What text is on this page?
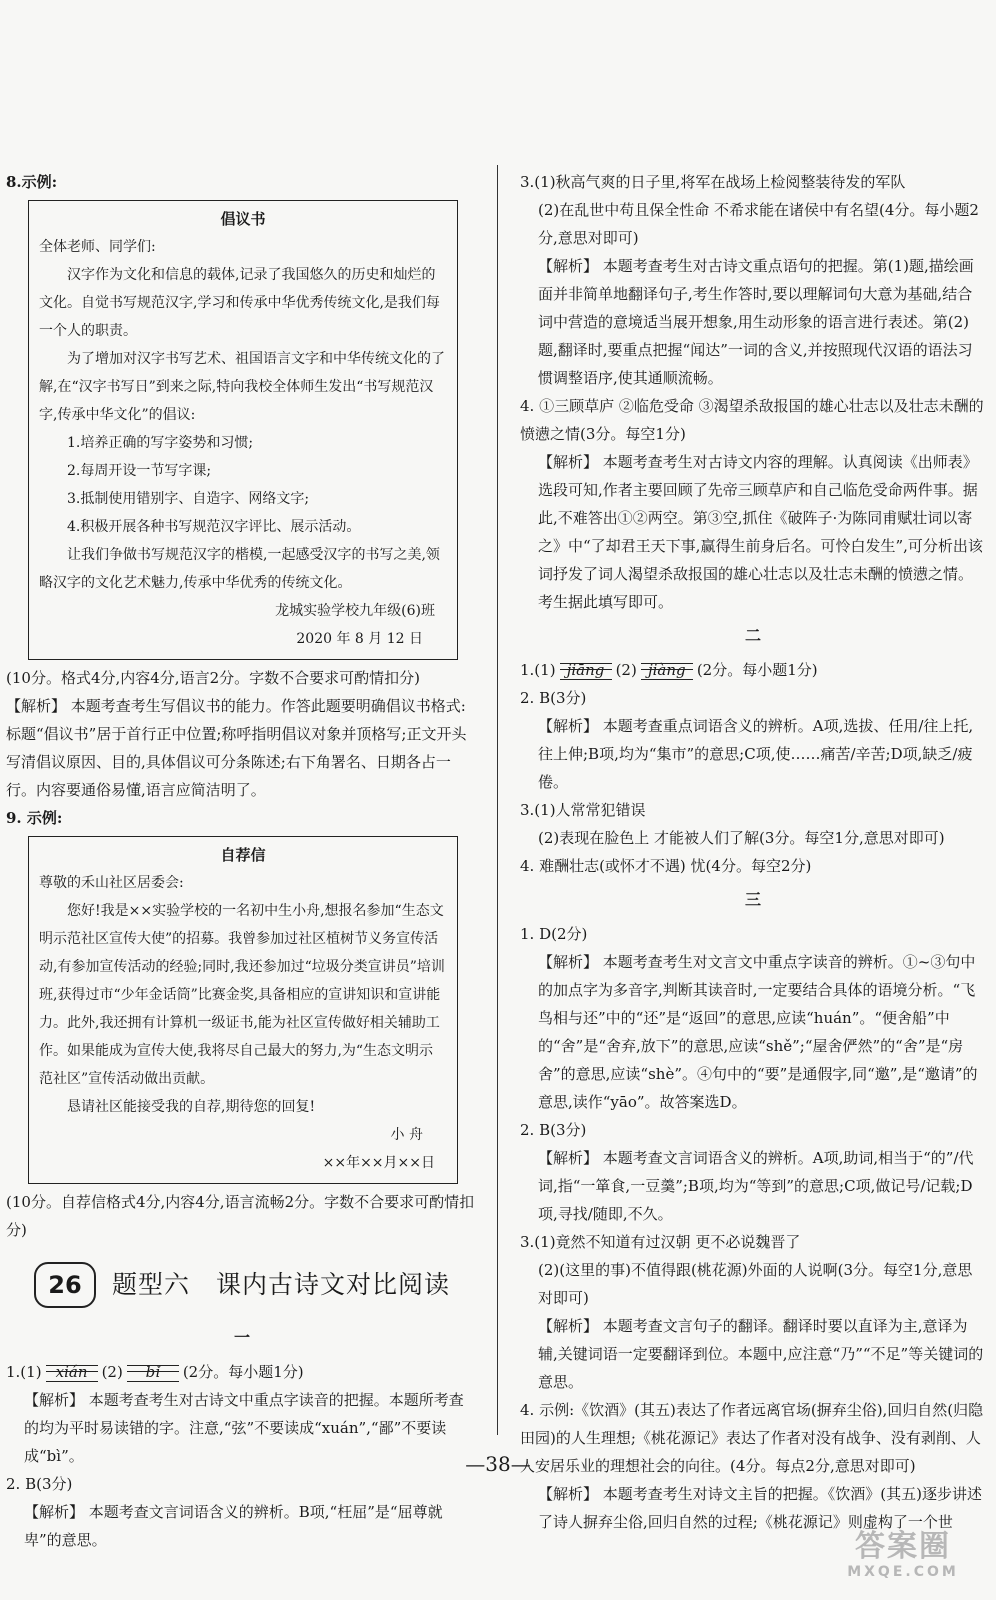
8.示例:

倡议书

全体老师、同学们:

汉字作为文化和信息的载体,记录了我国悠久的历史和灿烂的文化。自觉书写规范汉字,学习和传承中华优秀传统文化,是我们每一个人的职责。

为了增加对汉字书写艺术、祖国语言文字和中华传统文化的了解,在“汉字书写日”到来之际,特向我校全体师生发出“书写规范汉字,传承中华文化”的倡议:

1.培养正确的写字姿势和习惯;

2.每周开设一节写字课;

3.抵制使用错别字、自造字、网络文字;

4.积极开展各种书写规范汉字评比、展示活动。

让我们争做书写规范汉字的楷模,一起感受汉字的书写之美,领略汉字的文化艺术魅力,传承中华优秀的传统文化。

龙城实验学校九年级(6)班

2020 年 8 月 12 日

(10分。格式4分,内容4分,语言2分。字数不合要求可酌情扣分)

【解析】 本题考查考生写倡议书的能力。作答此题要明确倡议书格式:标题“倡议书”居于首行正中位置;称呼指明倡议对象并顶格写;正文开头写清倡议原因、目的,具体倡议可分条陈述;右下角署名、日期各占一行。内容要通俗易懂,语言应简洁明了。

9. 示例:

自荐信

尊敬的禾山社区居委会:

您好!我是××实验学校的一名初中生小舟,想报名参加“生态文明示范社区宣传大使”的招募。我曾参加过社区植树节义务宣传活动,有参加宣传活动的经验;同时,我还参加过“垃圾分类宣讲员”培训班,获得过市“少年金话筒”比赛金奖,具备相应的宣讲知识和宣讲能力。此外,我还拥有计算机一级证书,能为社区宣传做好相关辅助工作。如果能成为宣传大使,我将尽自己最大的努力,为“生态文明示范社区”宣传活动做出贡献。

恳请社区能接受我的自荐,期待您的回复!

小 舟

××年××月××日

(10分。自荐信格式4分,内容4分,语言流畅2分。字数不合要求可酌情扣分)

26	题型六 课内古诗文对比阅读

一

1.(1) xián (2) bǐ (2分。每小题1分)

【解析】 本题考查考生对古诗文中重点字读音的把握。本题所考查的均为平时易读错的字。注意,“弦”不要读成“xuán”,“鄙”不要读成“bì”。

2. B(3分)

【解析】 本题考查文言词语含义的辨析。B项,“枉屈”是“屈尊就卑”的意思。

3.(1)秋高气爽的日子里,将军在战场上检阅整装待发的军队

(2)在乱世中苟且保全性命 不希求能在诸侯中有名望(4分。每小题2分,意思对即可)

【解析】 本题考查考生对古诗文重点语句的把握。第(1)题,描绘画面并非简单地翻译句子,考生作答时,要以理解词句大意为基础,结合词中营造的意境适当展开想象,用生动形象的语言进行表述。第(2)题,翻译时,要重点把握“闻达”一词的含义,并按照现代汉语的语法习惯调整语序,使其通顺流畅。

4. ①三顾草庐 ②临危受命 ③渴望杀敌报国的雄心壮志以及壮志未酬的愤懑之情(3分。每空1分)

【解析】 本题考查考生对古诗文内容的理解。认真阅读《出师表》选段可知,作者主要回顾了先帝三顾草庐和自己临危受命两件事。据此,不难答出①②两空。第③空,抓住《破阵子·为陈同甫赋壮词以寄之》中“了却君王天下事,赢得生前身后名。可怜白发生”,可分析出该词抒发了词人渴望杀敌报国的雄心壮志以及壮志未酬的愤懑之情。考生据此填写即可。

二

1.(1) jiāng (2) jiàng (2分。每小题1分)

2. B(3分)

【解析】 本题考查重点词语含义的辨析。A项,选拔、任用/往上托,往上伸;B项,均为“集市”的意思;C项,使……痛苦/辛苦;D项,缺乏/疲倦。

3.(1)人常常犯错误

(2)表现在脸色上 才能被人们了解(3分。每空1分,意思对即可)

4. 难酬壮志(或怀才不遇) 忧(4分。每空2分)

三

1. D(2分)

【解析】 本题考查考生对文言文中重点字读音的辨析。①~③句中的加点字为多音字,判断其读音时,一定要结合具体的语境分析。“飞鸟相与还”中的“还”是“返回”的意思,应读“huán”。“便舍船”中的“舍”是“舍弃,放下”的意思,应读“shě”;“屋舍俨然”的“舍”是“房舍”的意思,应读“shè”。④句中的“要”是通假字,同“邀”,是“邀请”的意思,读作“yāo”。故答案选D。

2. B(3分)

【解析】 本题考查文言词语含义的辨析。A项,助词,相当于“的”/代词,指“一箪食,一豆羹”;B项,均为“等到”的意思;C项,做记号/记载;D项,寻找/随即,不久。

3.(1)竟然不知道有过汉朝 更不必说魏晋了

(2)(这里的事)不值得跟(桃花源)外面的人说啊(3分。每空1分,意思对即可)

【解析】 本题考查文言句子的翻译。翻译时要以直译为主,意译为辅,关键词语一定要翻译到位。本题中,应注意“乃”“不足”等关键词的意思。

4. 示例:《饮酒》(其五)表达了作者远离官场(摒弃尘俗),回归自然(归隐田园)的人生理想;《桃花源记》表达了作者对没有战争、没有剥削、人人安居乐业的理想社会的向往。(4分。每点2分,意思对即可)

【解析】 本题考查考生对诗文主旨的把握。《饮酒》(其五)逐步讲述了诗人摒弃尘俗,回归自然的过程;《桃花源记》则虚构了一个世

—38—
答案圈
MXQE.COM
